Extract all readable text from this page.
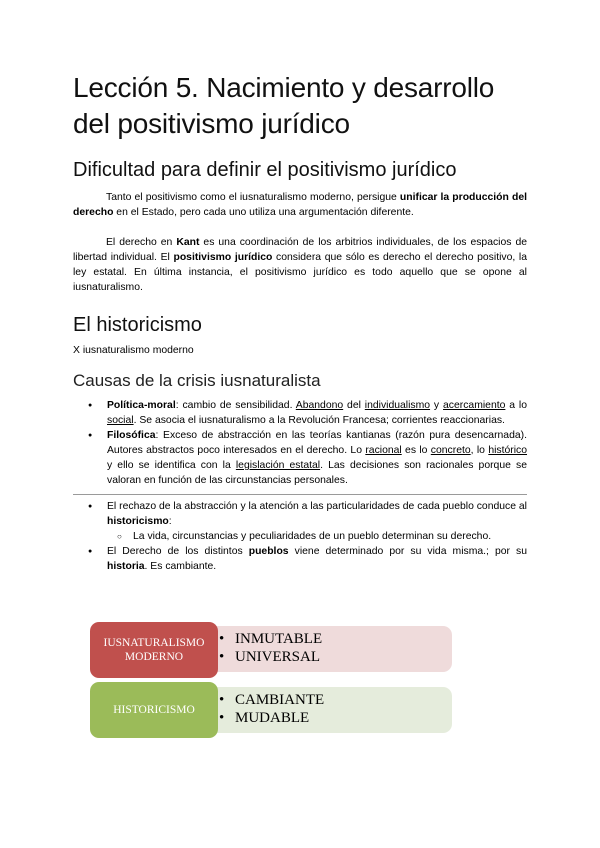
Lección 5. Nacimiento y desarrollo del positivismo jurídico
Dificultad para definir el positivismo jurídico

Tanto el positivismo como el iusnaturalismo moderno, persigue unificar la producción del derecho en el Estado, pero cada uno utiliza una argumentación diferente.

El derecho en Kant es una coordinación de los arbitrios individuales, de los espacios de libertad individual. El positivismo jurídico considera que sólo es derecho el derecho positivo, la ley estatal. En última instancia, el positivismo jurídico es todo aquello que se opone al iusnaturalismo.

El historicismo

X iusnaturalismo moderno

Causas de la crisis iusnaturalista
● Política-moral: cambio de sensibilidad. Abandono del individualismo y acercamiento a lo social. Se asocia el iusnaturalismo a la Revolución Francesa; corrientes reaccionarias.
● Filosófica: Exceso de abstracción en las teorías kantianas (razón pura desencarnada). Autores abstractos poco interesados en el derecho. Lo racional es lo concreto, lo histórico y ello se identifica con la legislación estatal. Las decisiones son racionales porque se valoran en función de las circunstancias personales.
● El rechazo de la abstracción y la atención a las particularidades de cada pueblo conduce al historicismo:
○ La vida, circunstancias y peculiaridades de un pueblo determinan su derecho.
● El Derecho de los distintos pueblos viene determinado por su vida misma.; por su historia. Es cambiante.
• INMUTABLE
• UNIVERSAL
IUSNATURALISMO MODERNO
• CAMBIANTE
• MUDABLE
HISTORICISMO
